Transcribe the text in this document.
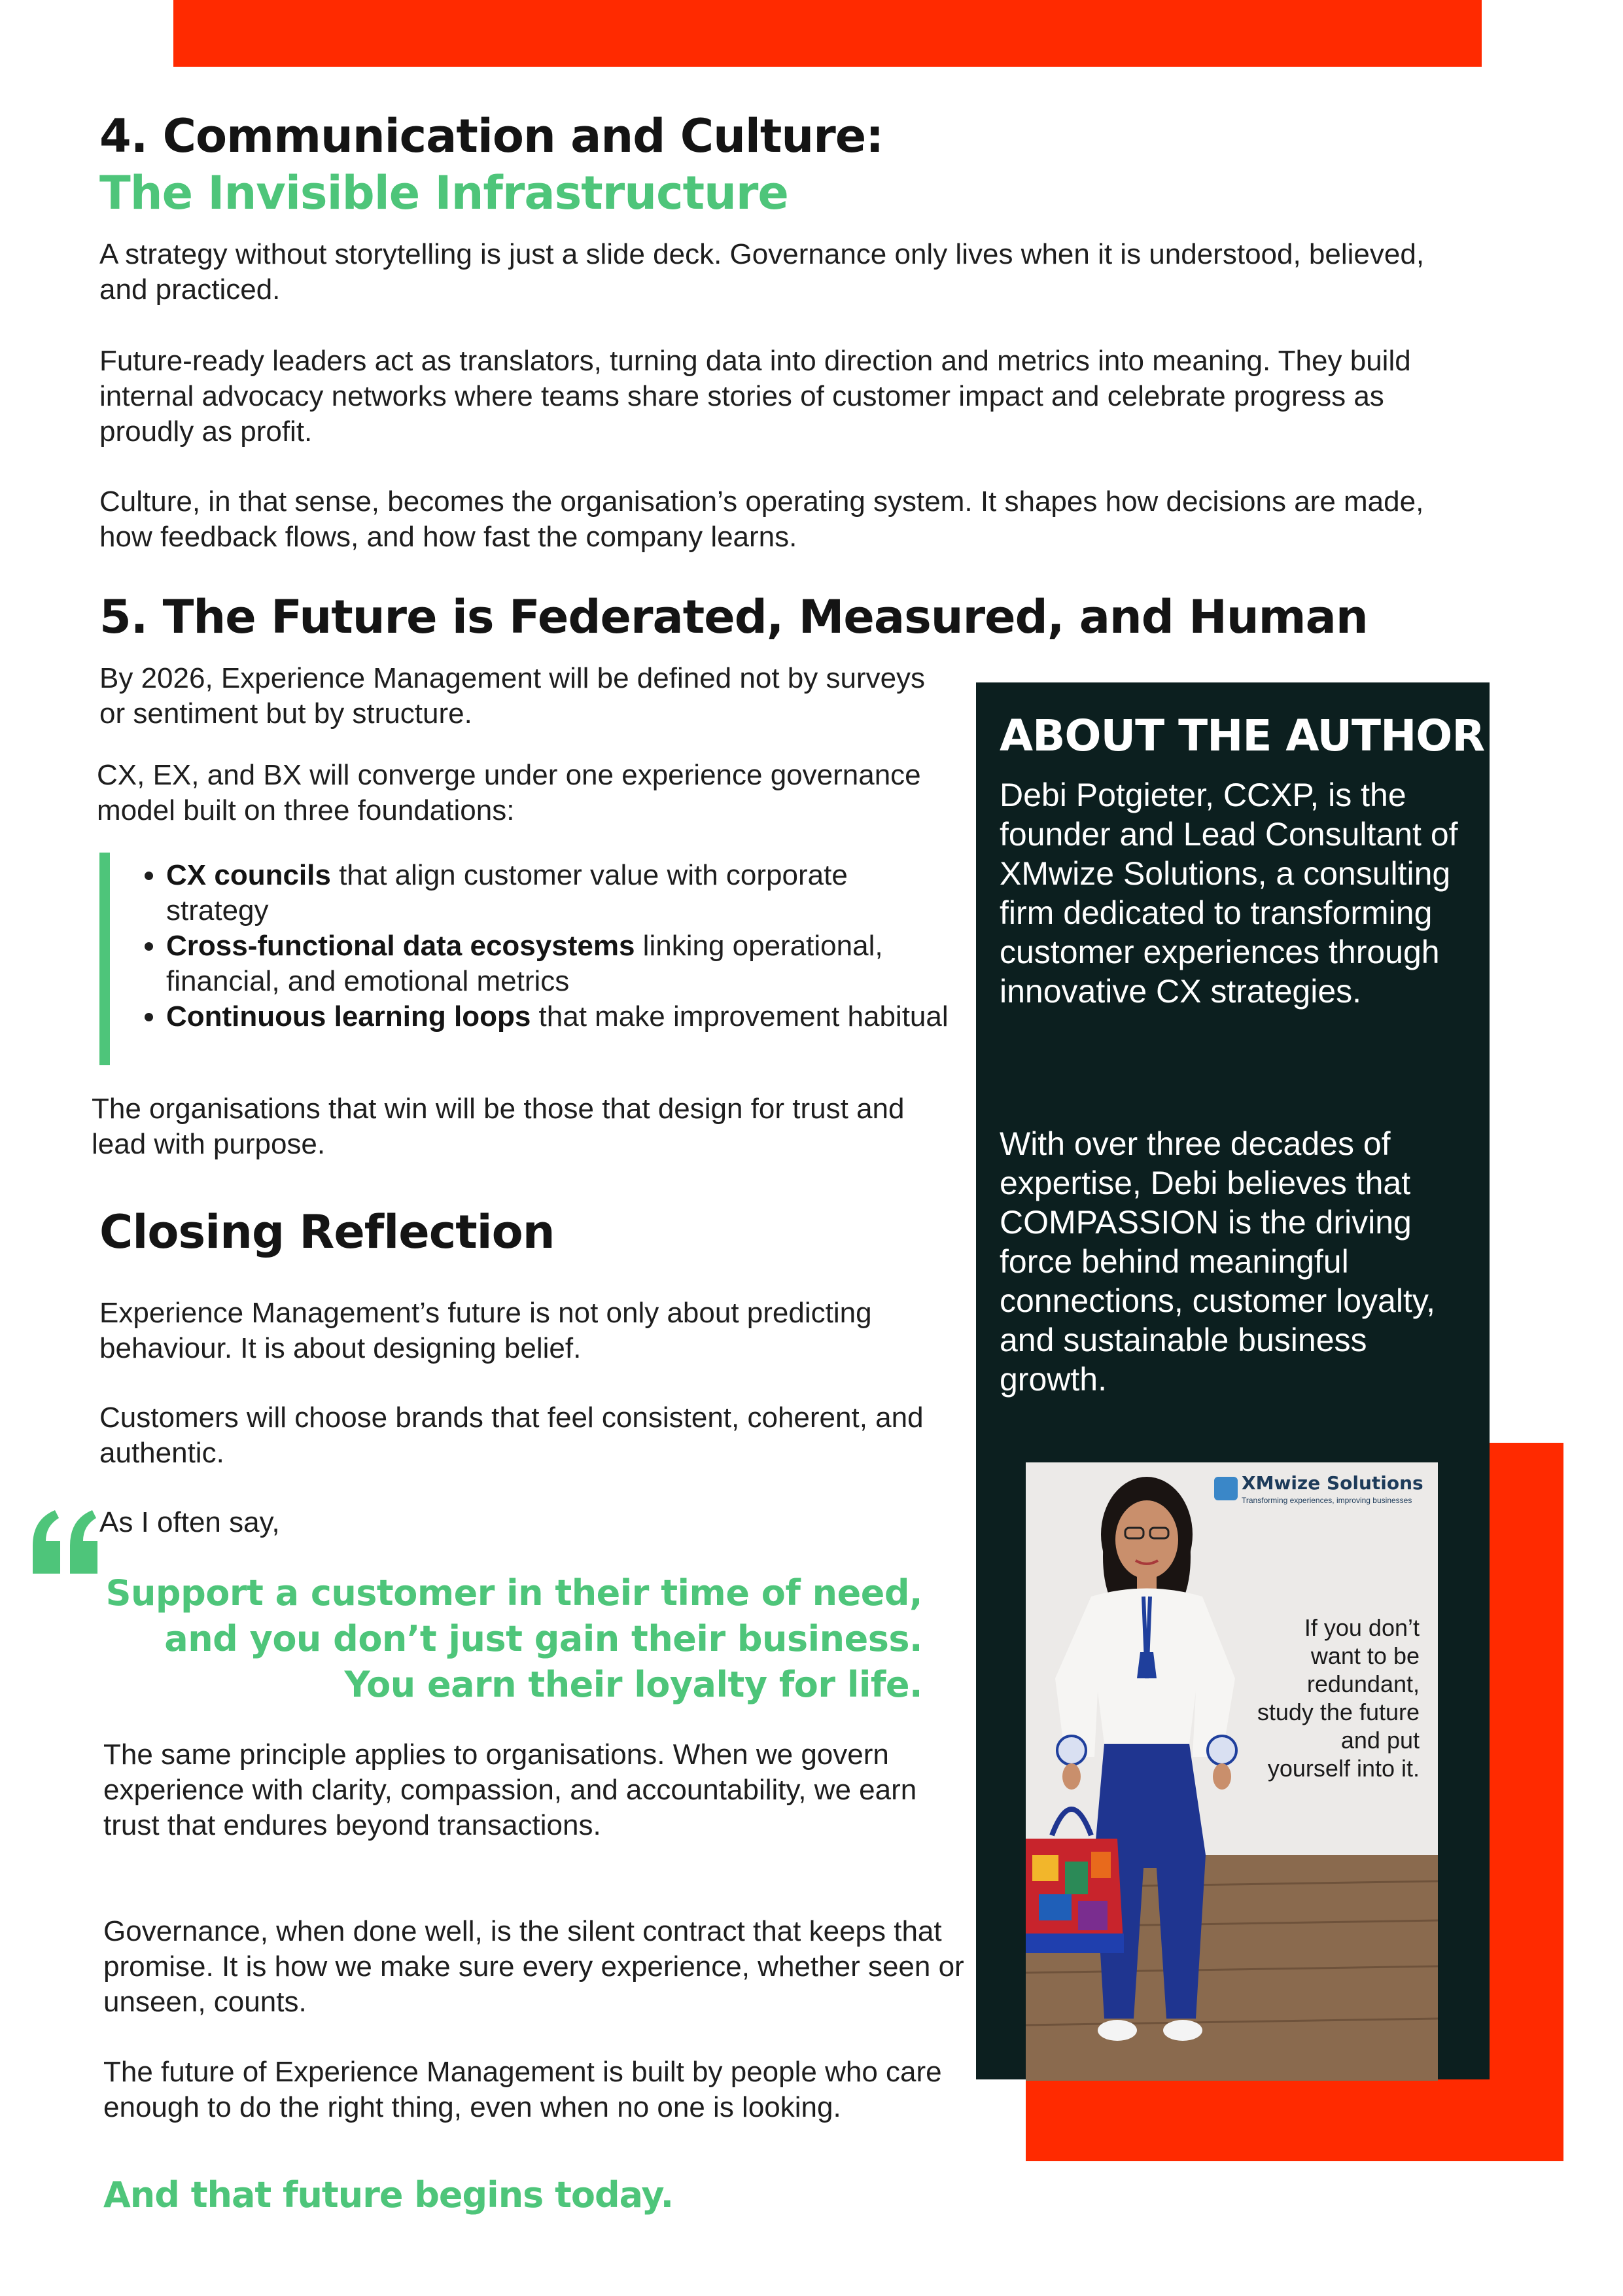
4. Communication and Culture:
The Invisible Infrastructure

A strategy without storytelling is just a slide deck. Governance only lives when it is understood, believed, and practiced.

Future-ready leaders act as translators, turning data into direction and metrics into meaning. They build internal advocacy networks where teams share stories of customer impact and celebrate progress as proudly as profit.

Culture, in that sense, becomes the organisation’s operating system. It shapes how decisions are made, how feedback flows, and how fast the company learns.

5. The Future is Federated, Measured, and Human

By 2026, Experience Management will be defined not by surveys or sentiment but by structure.

CX, EX, and BX will converge under one experience governance model built on three foundations:

• CX councils that align customer value with corporate strategy
• Cross-functional data ecosystems linking operational, financial, and emotional metrics
• Continuous learning loops that make improvement habitual

The organisations that win will be those that design for trust and lead with purpose.

Closing Reflection

Experience Management’s future is not only about predicting behaviour. It is about designing belief.

Customers will choose brands that feel consistent, coherent, and authentic.

As I often say,

Support a customer in their time of need,
and you don’t just gain their business.
You earn their loyalty for life.

The same principle applies to organisations. When we govern experience with clarity, compassion, and accountability, we earn trust that endures beyond transactions.

Governance, when done well, is the silent contract that keeps that promise. It is how we make sure every experience, whether seen or unseen, counts.

The future of Experience Management is built by people who care enough to do the right thing, even when no one is looking.

And that future begins today.

ABOUT THE AUTHOR

Debi Potgieter, CCXP, is the founder and Lead Consultant of XMwize Solutions, a consulting firm dedicated to transforming customer experiences through innovative CX strategies.

With over three decades of expertise, Debi believes that COMPASSION is the driving force behind meaningful connections, customer loyalty, and sustainable business growth.

XMwize Solutions
Transforming experiences, improving businesses
If you don’t want to be redundant, study the future and put yourself into it.
